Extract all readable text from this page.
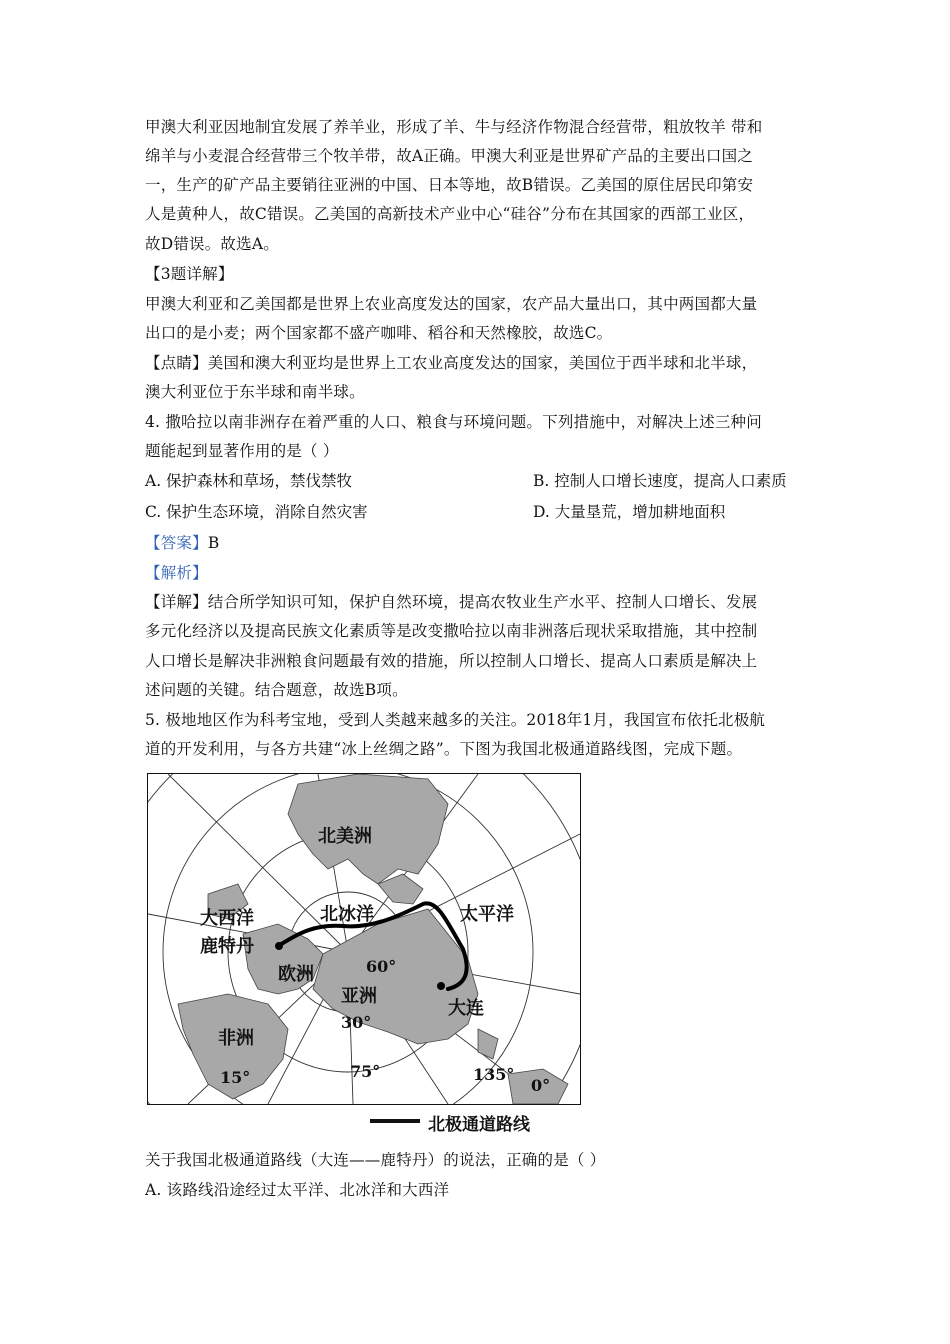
甲澳大利亚因地制宜发展了养羊业，形成了羊、牛与经济作物混合经营带，粗放牧羊 带和
绵羊与小麦混合经营带三个牧羊带，故A正确。甲澳大利亚是世界矿产品的主要出口国之
一，生产的矿产品主要销往亚洲的中国、日本等地，故B错误。乙美国的原住居民印第安
人是黄种人，故C错误。乙美国的高新技术产业中心“硅谷”分布在其国家的西部工业区，
故D错误。故选A。
【3题详解】
甲澳大利亚和乙美国都是世界上农业高度发达的国家，农产品大量出口，其中两国都大量
出口的是小麦；两个国家都不盛产咖啡、稻谷和天然橡胶，故选C。
【点睛】美国和澳大利亚均是世界上工农业高度发达的国家，美国位于西半球和北半球，
澳大利亚位于东半球和南半球。
4. 撒哈拉以南非洲存在着严重的人口、粮食与环境问题。下列措施中，对解决上述三种问
题能起到显著作用的是（ ）
A. 保护森林和草场，禁伐禁牧	B. 控制人口增长速度，提高人口素质
C. 保护生态环境，消除自然灾害	D. 大量垦荒，增加耕地面积
【答案】B
【解析】
【详解】结合所学知识可知，保护自然环境，提高农牧业生产水平、控制人口增长、发展
多元化经济以及提高民族文化素质等是改变撒哈拉以南非洲落后现状采取措施，其中控制
人口增长是解决非洲粮食问题最有效的措施，所以控制人口增长、提高人口素质是解决上
述问题的关键。结合题意，故选B项。
5. 极地地区作为科考宝地，受到人类越来越多的关注。2018年1月，我国宣布依托北极航
道的开发利用，与各方共建“冰上丝绸之路”。下图为我国北极通道路线图，完成下题。
北美洲
大西洋	北冰洋	太平洋
鹿特丹
欧洲
亚洲
非洲
大连
60°
30°
15°	75°	135°
0°
北极通道路线
关于我国北极通道路线（大连——鹿特丹）的说法，正确的是（ ）
A. 该路线沿途经过太平洋、北冰洋和大西洋
